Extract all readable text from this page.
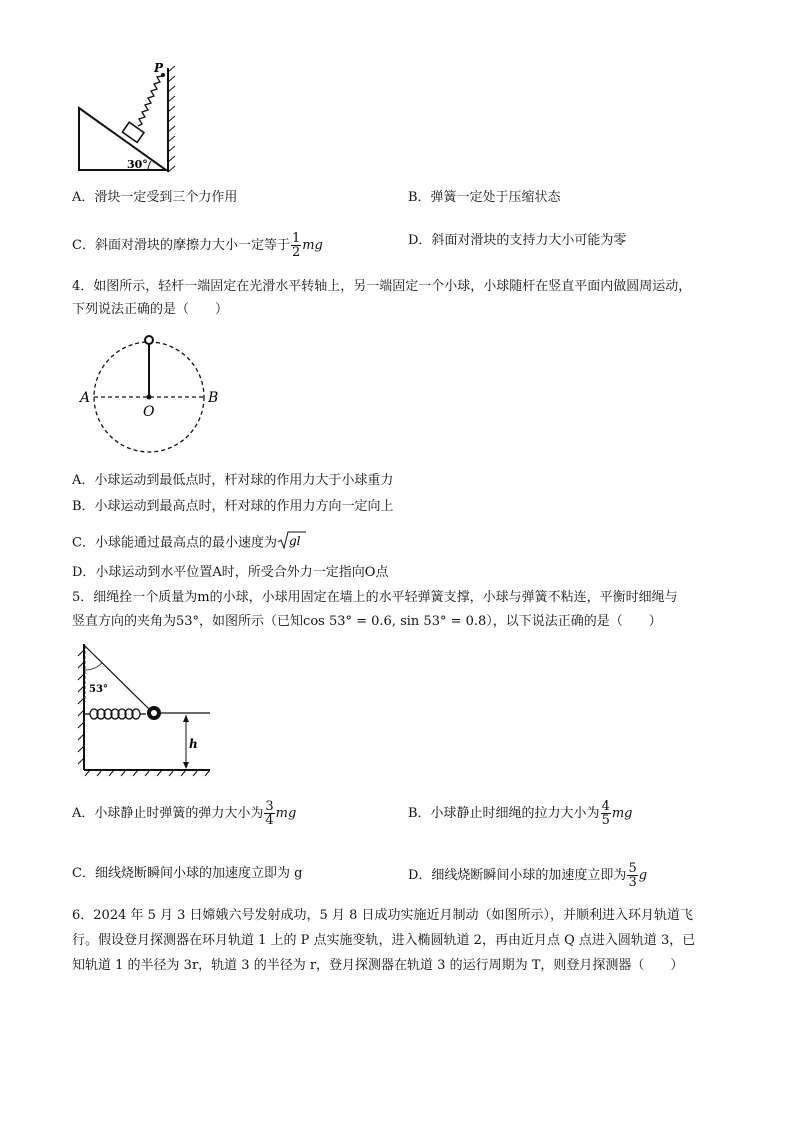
P
30°
A．滑块一定受到三个力作用	B．弹簧一定处于压缩状态
C．斜面对滑块的摩擦力大小一定等于 $\frac{1}{2}$ mg	D．斜面对滑块的支持力大小可能为零
4．如图所示，轻杆一端固定在光滑水平转轴上，另一端固定一个小球，小球随杆在竖直平面内做圆周运动，
下列说法正确的是（　　）
A	B
O
A．小球运动到最低点时，杆对球的作用力大于小球重力
B．小球运动到最高点时，杆对球的作用力方向一定向上
C．小球能通过最高点的最小速度为 gl
D．小球运动到水平位置A时，所受合外力一定指向O点
5．细绳拴一个质量为m的小球，小球用固定在墙上的水平轻弹簧支撑，小球与弹簧不粘连，平衡时细绳与
竖直方向的夹角为53°，如图所示（已知cos 53° = 0.6, sin 53° = 0.8），以下说法正确的是（　　）
53°
h
A．小球静止时弹簧的弹力大小为 $\frac{3}{4}$ mg	B．小球静止时细绳的拉力大小为 $\frac{4}{5}$ mg
C．细线烧断瞬间小球的加速度立即为 g	D．细线烧断瞬间小球的加速度立即为 $\frac{5}{3}$ g
6．2024 年 5 月 3 日嫦娥六号发射成功，5 月 8 日成功实施近月制动（如图所示），并顺利进入环月轨道飞
行。假设登月探测器在环月轨道 1 上的 P 点实施变轨，进入椭圆轨道 2，再由近月点 Q 点进入圆轨道 3，已
知轨道 1 的半径为 3r，轨道 3 的半径为 r，登月探测器在轨道 3 的运行周期为 T，则登月探测器（　　）
